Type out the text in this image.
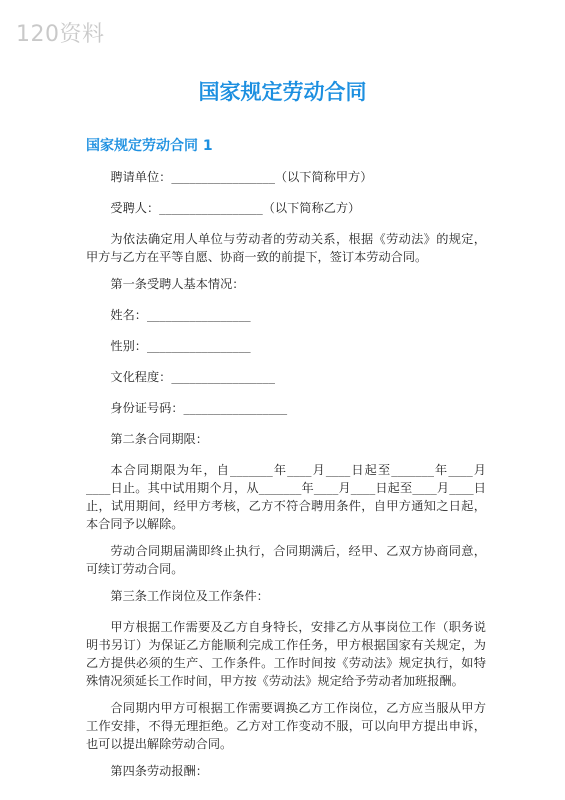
120资料
国家规定劳动合同
国家规定劳动合同 1

聘请单位：_________________（以下简称甲方）

受聘人：_________________（以下简称乙方）

为依法确定用人单位与劳动者的劳动关系，根据《劳动法》的规定，甲方与乙方在平等自愿、协商一致的前提下，签订本劳动合同。

第一条受聘人基本情况：

姓名：_________________

性别：_________________

文化程度：_________________

身份证号码：_________________

第二条合同期限：

本合同期限为年，自_______年____月____日起至_______年____月____日止。其中试用期个月，从_______年____月____日起至____月____日止，试用期间，经甲方考核，乙方不符合聘用条件，自甲方通知之日起，本合同予以解除。

劳动合同期届满即终止执行，合同期满后，经甲、乙双方协商同意，可续订劳动合同。

第三条工作岗位及工作条件：

甲方根据工作需要及乙方自身特长，安排乙方从事岗位工作（职务说明书另订）为保证乙方能顺利完成工作任务，甲方根据国家有关规定，为乙方提供必须的生产、工作条件。工作时间按《劳动法》规定执行，如特殊情况须延长工作时间，甲方按《劳动法》规定给予劳动者加班报酬。

合同期内甲方可根据工作需要调换乙方工作岗位，乙方应当服从甲方工作安排，不得无理拒绝。乙方对工作变动不服，可以向甲方提出申诉，也可以提出解除劳动合同。

第四条劳动报酬：
